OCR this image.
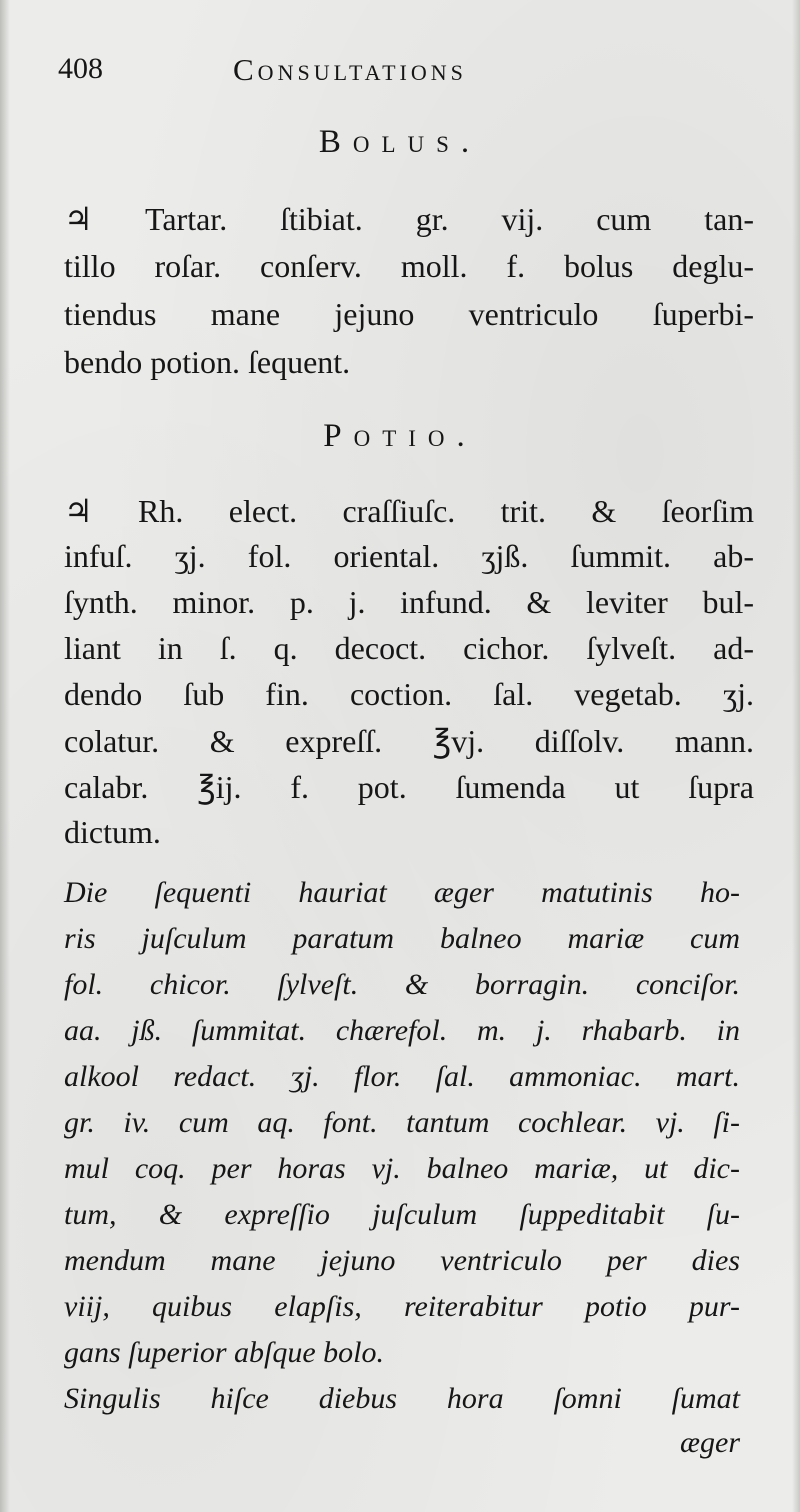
408	Consultations
Bolus.
♃ Tartar. ſtibiat. gr. vij. cum tan-
tillo roſar. conſerv. moll. f. bolus deglu-
tiendus mane jejuno ventriculo ſuperbi-
bendo potion. ſequent.
Potio.
♃ Rh. elect. craſſiuſc. trit. & ſeorſim
infuſ. ʒj. fol. oriental. ʒjß. ſummit. ab-
ſynth. minor. p. j. infund. & leviter bul-
liant in ſ. q. decoct. cichor. ſylveſt. ad-
dendo ſub fin. coction. ſal. vegetab. ʒj.
colatur. & expreſſ. ℥vj. diſſolv. mann.
calabr. ℥ij. f. pot. ſumenda ut ſupra
dictum.
Die ſequenti hauriat æger matutinis ho-
ris juſculum paratum balneo mariæ cum
fol. chicor. ſylveſt. & borragin. conciſor.
aa. jß. ſummitat. chærefol. m. j. rhabarb. in
alkool redact. ʒj. flor. ſal. ammoniac. mart.
gr. iv. cum aq. font. tantum cochlear. vj. ſi-
mul coq. per horas vj. balneo mariæ, ut dic-
tum, & expreſſio juſculum ſuppeditabit ſu-
mendum mane jejuno ventriculo per dies
viij, quibus elapſis, reiterabitur potio pur-
gans ſuperior abſque bolo.
Singulis hiſce diebus hora ſomni ſumat
æger
